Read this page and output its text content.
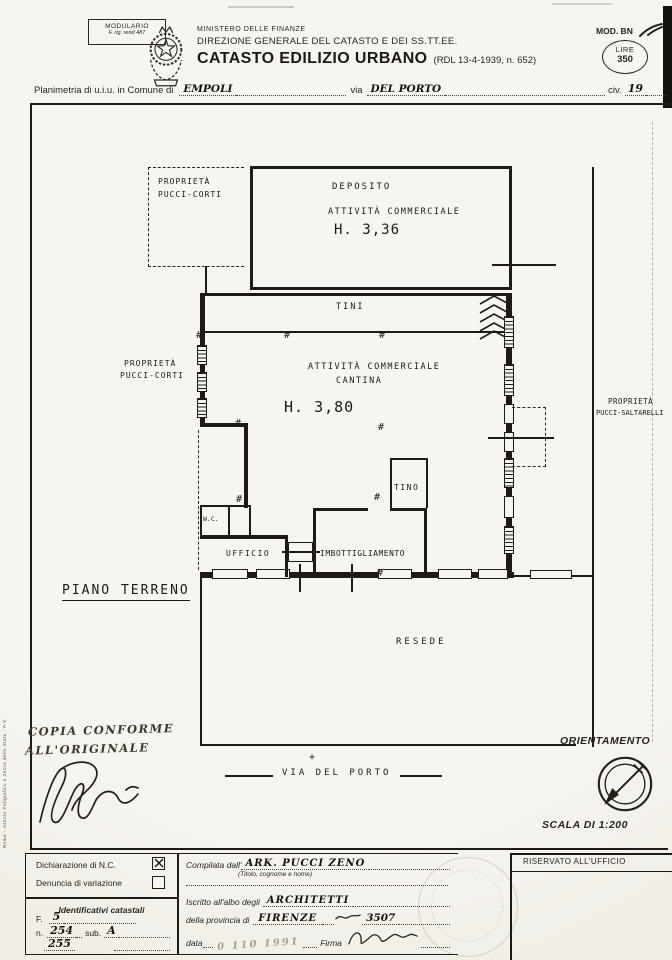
MODULARIO
F. rig. rend 487	MINISTERO DELLE FINANZE
DIREZIONE GENERALE DEL CATASTO E DEI SS.TT.EE.
CATASTO EDILIZIO URBANO (RDL 13-4-1939, n. 652)
MOD. BN
LIRE
350
Planimetria di u.i.u. in Comune di EMPOLI	via DEL PORTO	civ. 19
PROPRIETÀ
PUCCI-CORTI
DEPOSITO
ATTIVITÀ COMMERCIALE
H. 3,36
TINI
W.C.
UFFICIO	IMBOTTIGLIAMENTO
TINO
#	#	#
#
#
#	#
#
ATTIVITÀ COMMERCIALE
CANTINA
H. 3,80
PROPRIETÀ
PUCCI-CORTI
PROPRIETÀ
PUCCI-SALTARELLI
RESEDE
PIANO TERRENO
+
VIA DEL PORTO
ORIENTAMENTO
SCALA DI 1:200
COPIA CONFORME
ALL'ORIGINALE
Roma - Istituto Poligrafico e Zecca dello Stato - P.V.
Dichiarazione di N.C.
Denuncia di variazione
Identificativi catastali
F. 5
n. 254	sub. A
255
Compilata dall' ARK. PUCCI ZENO
(Titolo, cognome e nome)
Iscritto all'albo degli ARCHITETTI
della provincia di FIRENZE	3507
data	0 110 1991	Firma
RISERVATO ALL'UFFICIO
